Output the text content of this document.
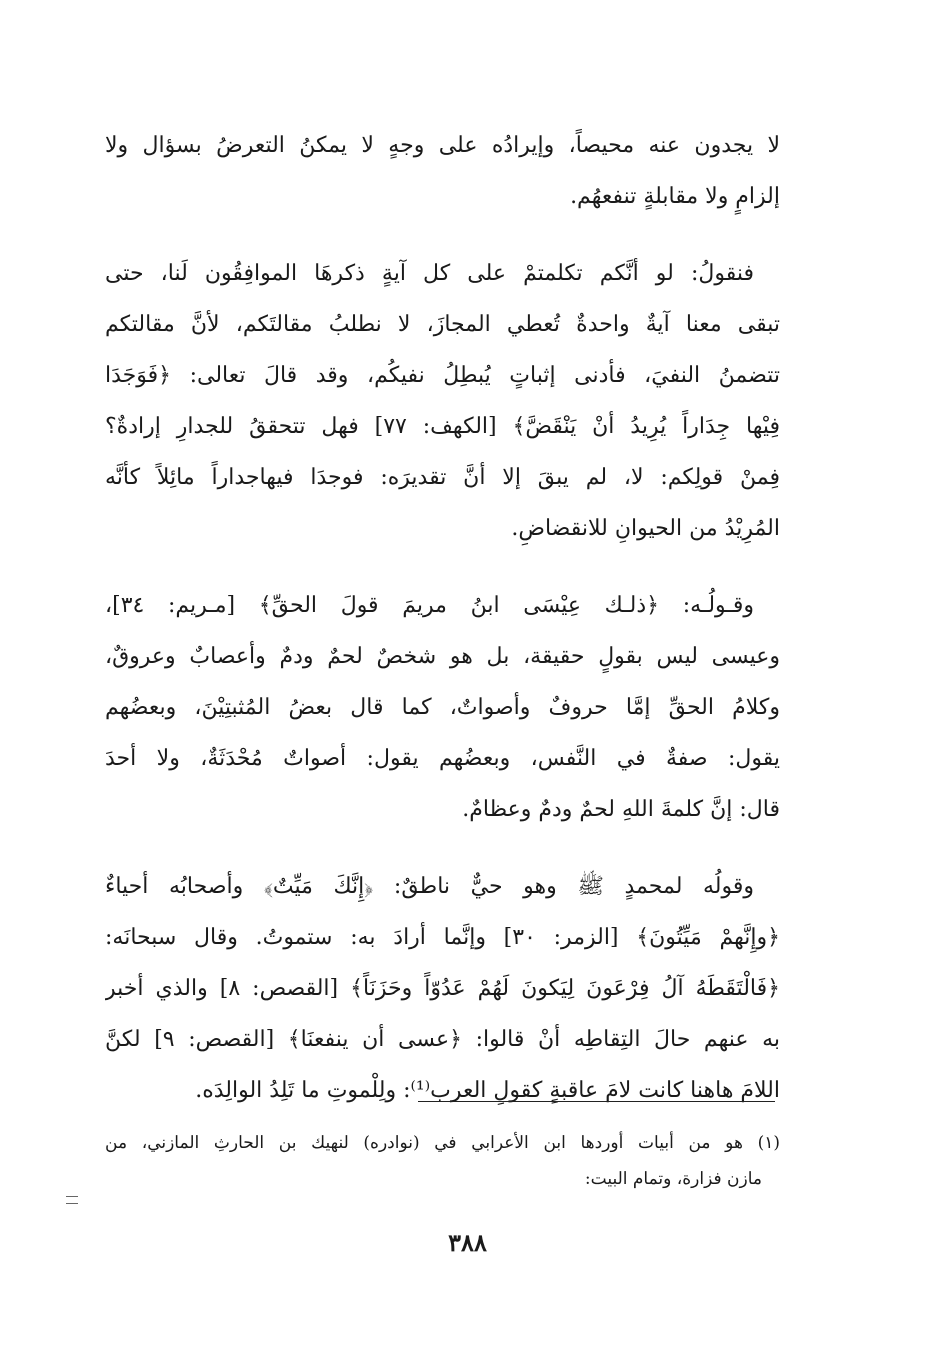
لا يجدون عنه محيصاً، وإيرادُه على وجهٍ لا يمكنُ التعرضُ بسؤال ولا
إلزامٍ ولا مقابلةٍ تنفعهُم.
فنقولُ: لو أنَّكم تكلمتمْ على كل آيةٍ ذكرهَا الموافِقُون لَنا، حتى
تبقى معنا آيةٌ واحدةٌ تُعطي المجازَ، لا نطلبُ مقالتَكم، لأنَّ مقالتكم
تتضمنُ النفيَ، فأدنى إثباتٍ يُبطِلُ نفيكُم، وقد قالَ تعالى: ﴿فَوَجَدَا
فِيْها جِدَاراً يُرِيدُ أنْ يَنْقَضَّ﴾ [الكهف: ٧٧] فهل تتحققُ للجدارِ إرادةٌ؟
فِمنْ قولِكم: لا، لم يبقَ إلا أنَّ تقديرَه: فوجدَا فيهاجداراً مائِلاً كأنَّه
المُرِيْدُ من الحيوانِ للانقضاضِ.
وقـولُـه: ﴿ذلـك عِيْسَى ابنُ مريمَ قولَ الحقِّ﴾ [مـريم: ٣٤]،
وعيسى ليس بقولٍ حقيقة، بل هو شخصٌ لحمٌ ودمٌ وأعصابٌ وعروقٌ،
وكلامُ الحقِّ إمَّا حروفٌ وأصواتٌ، كما قال بعضُ المُثبتِيْنَ، وبعضُهم
يقول: صفةٌ في النَّفس، وبعضُهم يقول: أصواتٌ مُحْدَثَةٌ، ولا أحدَ
قال: إنَّ كلمةَ اللهِ لحمٌ ودمٌ وعظامٌ.
وقولُه لمحمدٍ ﷺ وهو حيٌّ ناطقٌ: ﴿إِنَّكَ مَيِّتٌ﴾ وأصحابُه أحياءٌ
﴿وإِنَّهمْ مَيِّتُونَ﴾ [الزمر: ٣٠] وإنَّما أرادَ به: ستموتُ. وقال سبحانَه:
﴿فَالْتَقَطَهُ آلُ فِرْعَونَ لِيَكونَ لَهُمْ عَدُوّاً وحَزَنَاً﴾ [القصص: ٨] والذي أخبر
به عنهم حالَ التِقاطِه أنْ قالوا: ﴿عسى أن ينفعنَا﴾ [القصص: ٩] لكنَّ
اللامَ هاهنا كانت لامَ عاقبةٍ كقولِ العرب⁽¹⁾: ولِلْموتِ ما تَلِدُ الوالِدَه.
(١) هو من أبيات أوردها ابن الأعرابي في (نوادره) لنهيك بن الحارثِ المازني، من
مازن فزارة، وتمام البيت:
٣٨٨
